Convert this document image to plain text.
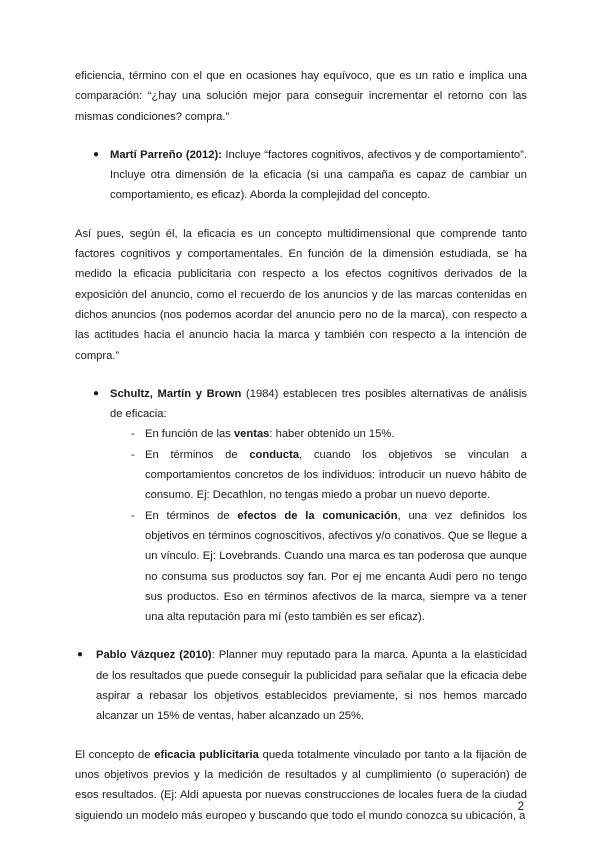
eficiencia, término con el que en ocasiones hay equívoco, que es un ratio e implica una comparación: “¿hay una solución mejor para conseguir incrementar el retorno con las mismas condiciones? compra.”

● Martí Parreño (2012): Incluye “factores cognitivos, afectivos y de comportamiento”. Incluye otra dimensión de la eficacia (si una campaña es capaz de cambiar un comportamiento, es eficaz). Aborda la complejidad del concepto.

Así pues, según él, la eficacia es un concepto multidimensional que comprende tanto factores cognitivos y comportamentales. En función de la dimensión estudiada, se ha medido la eficacia publicitaria con respecto a los efectos cognitivos derivados de la exposición del anuncio, como el recuerdo de los anuncios y de las marcas contenidas en dichos anuncios (nos podemos acordar del anuncio pero no de la marca), con respecto a las actitudes hacia el anuncio hacia la marca y también con respecto a la intención de compra.”

● Schultz, Martín y Brown (1984) establecen tres posibles alternativas de análisis de eficacia:

- En función de las ventas: haber obtenido un 15%.
- En términos de conducta, cuando los objetivos se vinculan a comportamientos concretos de los individuos: introducir un nuevo hábito de consumo. Ej: Decathlon, no tengas miedo a probar un nuevo deporte.
- En términos de efectos de la comunicación, una vez definidos los objetivos en términos cognoscitivos, afectivos y/o conativos. Que se llegue a un vínculo. Ej: Lovebrands. Cuando una marca es tan poderosa que aunque no consuma sus productos soy fan. Por ej me encanta Audi pero no tengo sus productos. Eso en términos afectivos de la marca, siempre va a tener una alta reputación para mí (esto también es ser eficaz).
● Pablo Vázquez (2010): Planner muy reputado para la marca. Apunta a la elasticidad de los resultados que puede conseguir la publicidad para señalar que la eficacia debe aspirar a rebasar los objetivos establecidos previamente, si nos hemos marcado alcanzar un 15% de ventas, haber alcanzado un 25%.

El concepto de eficacia publicitaria queda totalmente vinculado por tanto a la fijación de unos objetivos previos y la medición de resultados y al cumplimiento (o superación) de esos resultados. (Ej: Aldi apuesta por nuevas construcciones de locales fuera de la ciudad siguiendo un modelo más europeo y buscando que todo el mundo conozca su ubicación, a

2
